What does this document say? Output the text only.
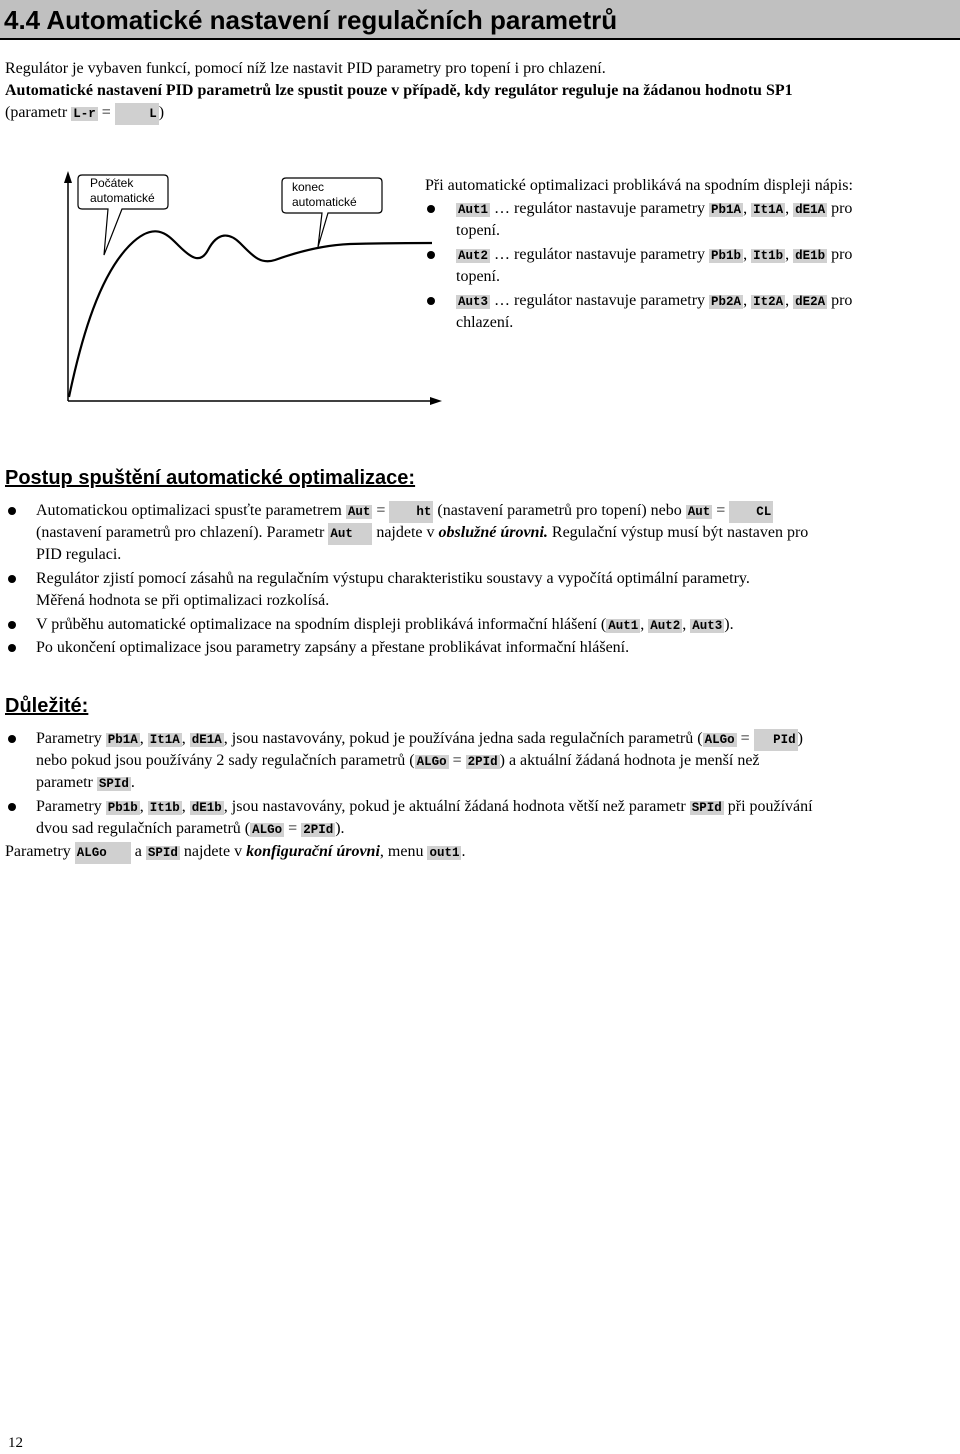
4.4 Automatické nastavení regulačních parametrů
Regulátor je vybaven funkcí, pomocí níž lze nastavit PID parametry pro topení i pro chlazení.
Automatické nastavení PID parametrů lze spustit pouze v případě, kdy regulátor reguluje na žádanou hodnotu SP1
(parametr L-r =	L )
Počátek
automatické
konec
automatické
Při automatické optimalizaci problikává na spodním displeji nápis:
Aut1 … regulátor nastavuje parametry Pb1A , It1A , dE1A pro
topení.
Aut2 … regulátor nastavuje parametry Pb1b , It1b , dE1b pro
topení.
Aut3 … regulátor nastavuje parametry Pb2A , It2A , dE2A pro
chlazení.
Postup spuštění automatické optimalizace:
Automatickou optimalizaci spusťte parametrem Aut = ht (nastavení parametrů pro topení) nebo Aut = CL
(nastavení parametrů pro chlazení). Parametr Aut najdete v obslužné úrovni. Regulační výstup musí být nastaven pro
PID regulaci.
Regulátor zjistí pomocí zásahů na regulačním výstupu charakteristiku soustavy a vypočítá optimální parametry.
Měřená hodnota se při optimalizaci rozkolísá.
V průběhu automatické optimalizace na spodním displeji problikává informační hlášení ( Aut1 , Aut2 , Aut3 ).
Po ukončení optimalizace jsou parametry zapsány a přestane problikávat informační hlášení.
Důležité:
Parametry Pb1A , It1A , dE1A , jsou nastavovány, pokud je používána jedna sada regulačních parametrů ( ALGo = PId )
nebo pokud jsou používány 2 sady regulačních parametrů ( ALGo = 2PId ) a aktuální žádaná hodnota je menší než
parametr SPId .
Parametry Pb1b , It1b , dE1b , jsou nastavovány, pokud je aktuální žádaná hodnota větší než parametr SPId při používání
dvou sad regulačních parametrů ( ALGo = 2PId ).
Parametry ALGo a SPId najdete v konfigurační úrovni, menu out1 .
12
